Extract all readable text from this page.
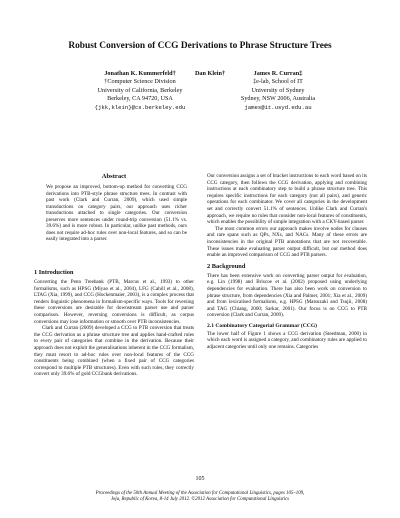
Robust Conversion of CCG Derivations to Phrase Structure Trees
Jonathan K. Kummerfeld†
†Computer Science Division
University of California, Berkeley
Berkeley, CA 94720, USA
{jkk,klein}@cs.berkeley.edu
Dan Klein†	James R. Curran‡
‡e-lab, School of IT
University of Sydney
Sydney, NSW 2006, Australia
james@it.usyd.edu.au
Abstract
We propose an improved, bottom-up method for converting CCG derivations into PTB-style phrase structure trees. In contrast with past work (Clark and Curran, 2009), which used simple transductions on category pairs, our approach uses richer transductions attached to single categories. Our conversion preserves more sentences under round-trip conversion (51.1% vs. 39.6%) and is more robust. In particular, unlike past methods, ours does not require ad-hoc rules over non-local features, and so can be easily integrated into a parser.
1 Introduction

Converting the Penn Treebank (PTB, Marcus et al., 1993) to other formalisms, such as HPSG (Miyao et al., 2004), LFG (Cahill et al., 2008), LTAG (Xia, 1999), and CCG (Hockenmaier, 2003), is a complex process that renders linguistic phenomena in formalism-specific ways. Tools for reversing these conversions are desirable for downstream parser use and parser comparison. However, reversing conversions is difficult, as corpus conversions may lose information or smooth over PTB inconsistencies.

Clark and Curran (2009) developed a CCG to PTB conversion that treats the CCG derivation as a phrase structure tree and applies hand-crafted rules to every pair of categories that combine in the derivation. Because their approach does not exploit the generalisations inherent in the CCG formalism, they must resort to ad-hoc rules over non-local features of the CCG constituents being combined (when a fixed pair of CCG categories correspond to multiple PTB structures). Even with such rules, they correctly convert only 39.6% of gold CCGbank derivations.

Our conversion assigns a set of bracket instructions to each word based on its CCG category, then follows the CCG derivation, applying and combining instructions at each combinatory step to build a phrase structure tree. This requires specific instructions for each category (not all pairs), and generic operations for each combinator. We cover all categories in the development set and correctly convert 51.1% of sentences. Unlike Clark and Curran's approach, we require no rules that consider non-local features of constituents, which enables the possibility of simple integration with a CKY-based parser.

The most common errors our approach makes involve nodes for clauses and rare spans such as QPs, NXs, and NACs. Many of these errors are inconsistencies in the original PTB annotations that are not recoverable. These issues make evaluating parser output difficult, but our method does enable an improved comparison of CCG and PTB parsers.

2 Background

There has been extensive work on converting parser output for evaluation, e.g. Lin (1998) and Briscoe et al. (2002) proposed using underlying dependencies for evaluation. There has also been work on conversion to phrase structure, from dependencies (Xia and Palmer, 2001; Xia et al., 2009) and from lexicalised formalisms, e.g. HPSG (Matsuzaki and Tsujii, 2008) and TAG (Chiang, 2000; Sarkar, 2001). Our focus is on CCG to PTB conversion (Clark and Curran, 2009).

2.1 Combinatory Categorial Grammar (CCG)

The lower half of Figure 1 shows a CCG derivation (Steedman, 2000) in which each word is assigned a category, and combinatory rules are applied to adjacent categories until only one remains. Categories

105
Proceedings of the 50th Annual Meeting of the Association for Computational Linguistics, pages 105–109,
Jeju, Republic of Korea, 8-14 July 2012. ©2012 Association for Computational Linguistics
